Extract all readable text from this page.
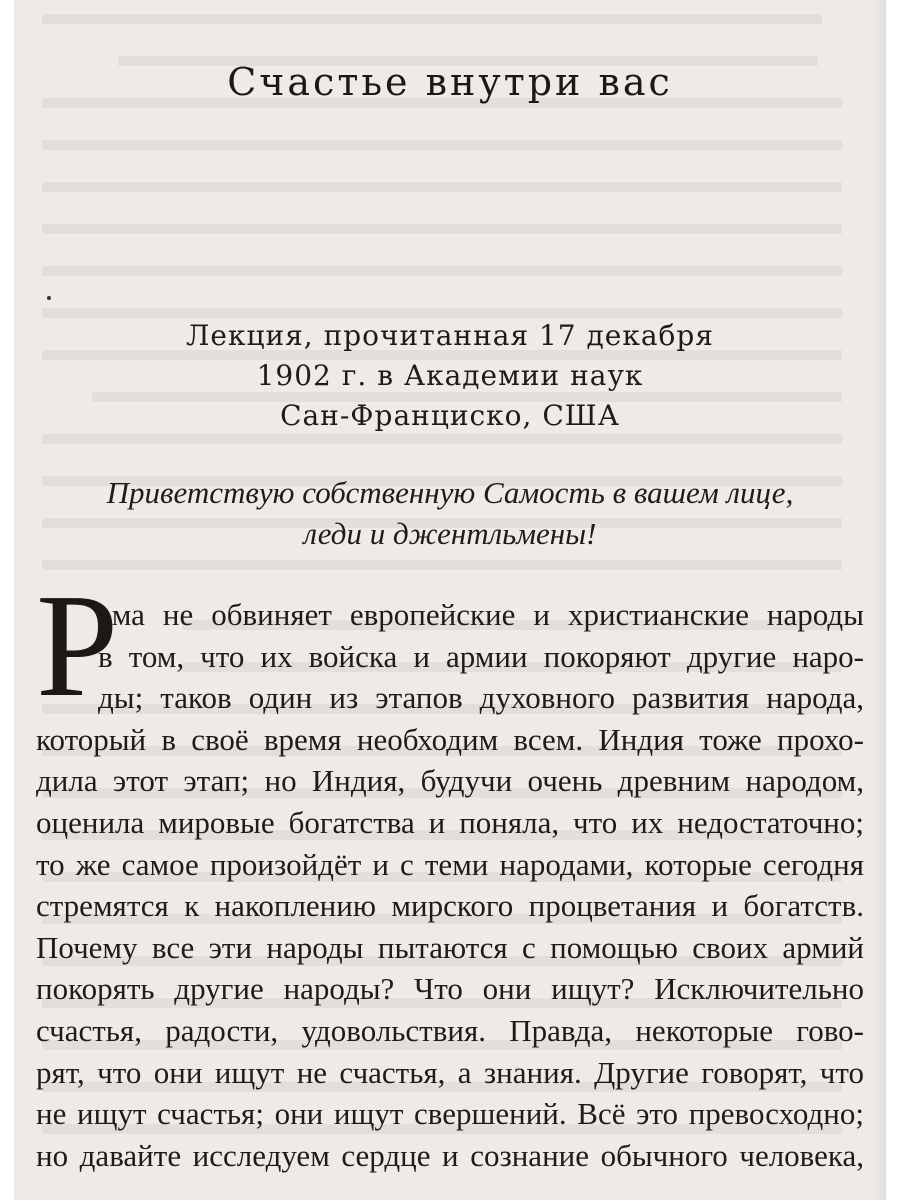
Счастье внутри вас
Лекция, прочитанная 17 декабря
1902 г. в Академии наук
Сан-Франциско, США
Приветствую собственную Самость в вашем лице,
леди и джентльмены!
Р
ама не обвиняет европейские и христианские народы
в том, что их войска и армии покоряют другие наро-
ды; таков один из этапов духовного развития народа,
который в своё время необходим всем. Индия тоже прохо-
дила этот этап; но Индия, будучи очень древним народом,
оценила мировые богатства и поняла, что их недостаточно;
то же самое произойдёт и с теми народами, которые сегодня
стремятся к накоплению мирского процветания и богатств.
Почему все эти народы пытаются с помощью своих армий
покорять другие народы? Что они ищут? Исключительно
счастья, радости, удовольствия. Правда, некоторые гово-
рят, что они ищут не счастья, а знания. Другие говорят, что
не ищут счастья; они ищут свершений. Всё это превосходно;
но давайте исследуем сердце и сознание обычного человека,
